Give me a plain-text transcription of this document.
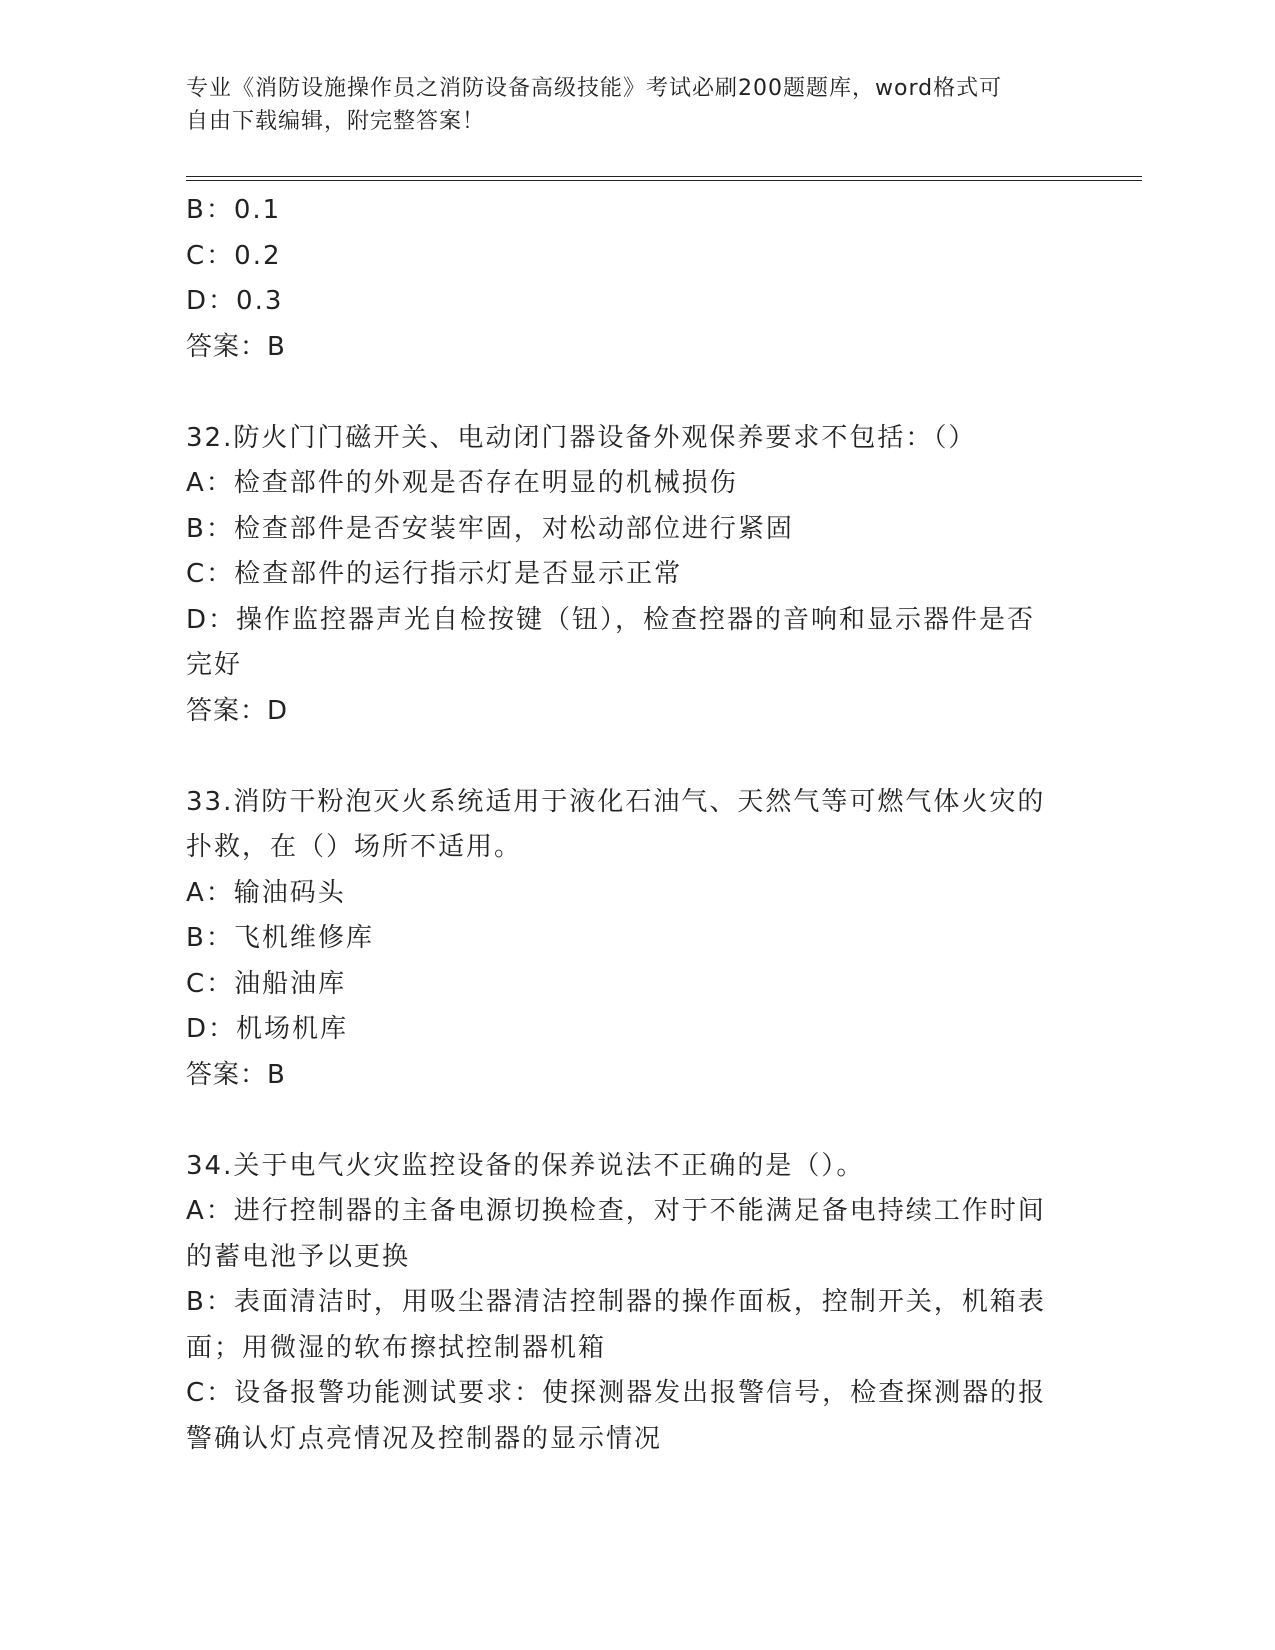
专业《消防设施操作员之消防设备高级技能》考试必刷200题题库，word格式可
自由下载编辑，附完整答案！
B：0.1
C：0.2
D：0.3
答案：B
32.防火门门磁开关、电动闭门器设备外观保养要求不包括：（）
A：检查部件的外观是否存在明显的机械损伤
B：检查部件是否安装牢固，对松动部位进行紧固
C：检查部件的运行指示灯是否显示正常
D：操作监控器声光自检按键（钮），检查控器的音响和显示器件是否
完好
答案：D
33.消防干粉泡灭火系统适用于液化石油气、天然气等可燃气体火灾的
扑救，在（）场所不适用。
A：输油码头
B：飞机维修库
C：油船油库
D：机场机库
答案：B
34.关于电气火灾监控设备的保养说法不正确的是（）。
A：进行控制器的主备电源切换检查，对于不能满足备电持续工作时间
的蓄电池予以更换
B：表面清洁时，用吸尘器清洁控制器的操作面板，控制开关，机箱表
面；用微湿的软布擦拭控制器机箱
C：设备报警功能测试要求：使探测器发出报警信号，检查探测器的报
警确认灯点亮情况及控制器的显示情况
